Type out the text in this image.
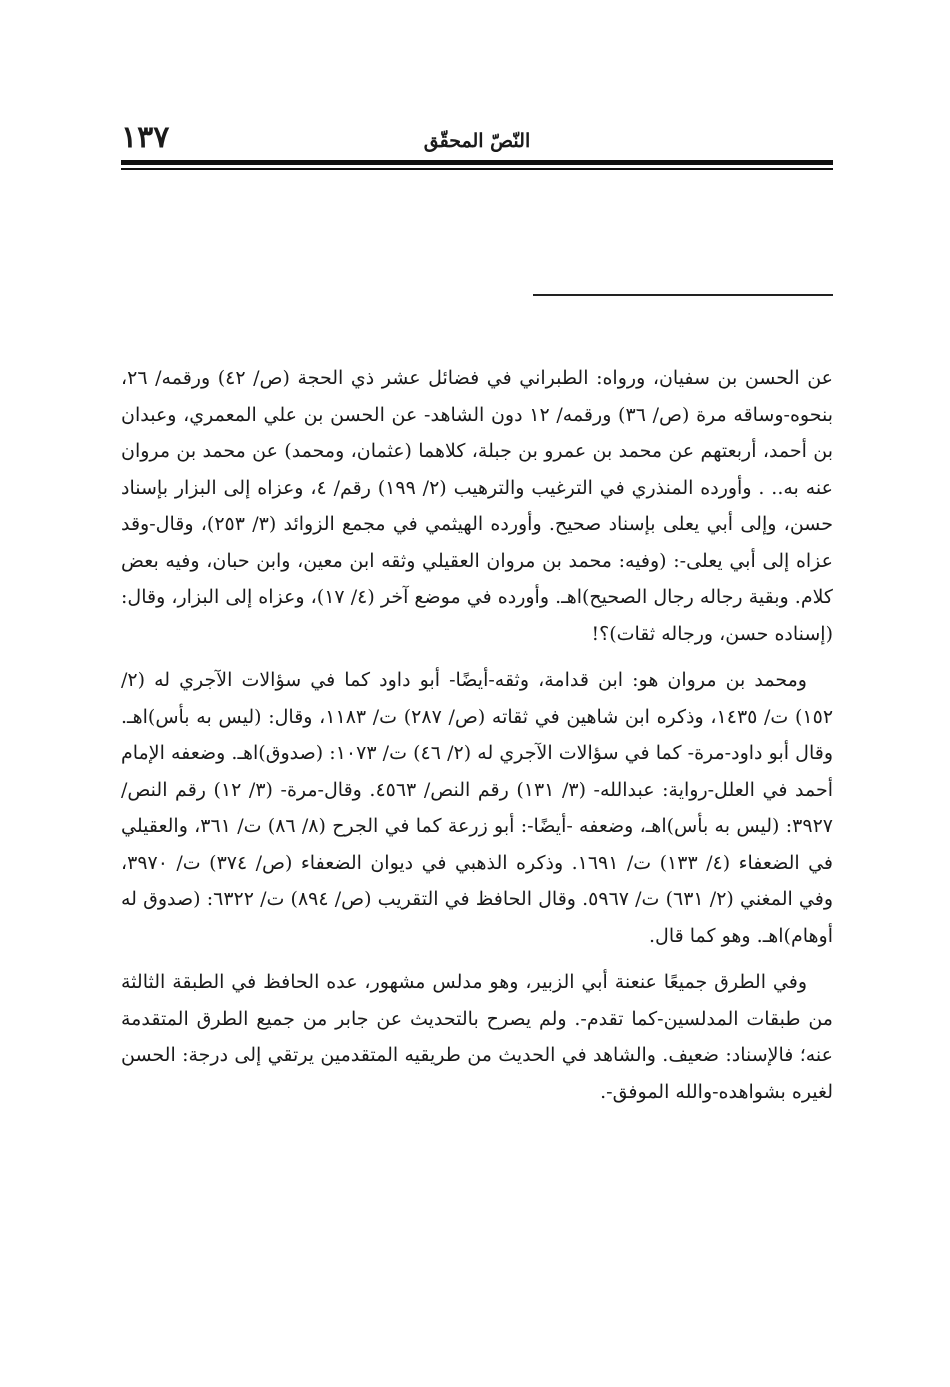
١٣٧	النّصّ المحقّق

عن الحسن بن سفيان، ورواه: الطبراني في فضائل عشر ذي الحجة (ص/ ٤٢) ورقمه/ ٢٦، بنحوه-وساقه مرة (ص/ ٣٦) ورقمه/ ١٢ دون الشاهد- عن الحسن بن علي المعمري، وعبدان بن أحمد، أربعتهم عن محمد بن عمرو بن جبلة، كلاهما (عثمان، ومحمد) عن محمد بن مروان عنه به.. . وأورده المنذري في الترغيب والترهيب (٢/ ١٩٩) رقم/ ٤، وعزاه إلى البزار بإسناد حسن، وإلى أبي يعلى بإسناد صحيح. وأورده الهيثمي في مجمع الزوائد (٣/ ٢٥٣)، وقال-وقد عزاه إلى أبي يعلى-: (وفيه: محمد بن مروان العقيلي وثقه ابن معين، وابن حبان، وفيه بعض كلام. وبقية رجاله رجال الصحيح)اهـ. وأورده في موضع آخر (٤/ ١٧)، وعزاه إلى البزار، وقال: (إسناده حسن، ورجاله ثقات)؟!

ومحمد بن مروان هو: ابن قدامة، وثقه-أيضًا- أبو داود كما في سؤالات الآجري له (٢/ ١٥٢) ت/ ١٤٣٥، وذكره ابن شاهين في ثقاته (ص/ ٢٨٧) ت/ ١١٨٣، وقال: (ليس به بأس)اهـ. وقال أبو داود-مرة- كما في سؤالات الآجري له (٢/ ٤٦) ت/ ١٠٧٣: (صدوق)اهـ. وضعفه الإمام أحمد في العلل-رواية: عبدالله- (٣/ ١٣١) رقم النص/ ٤٥٦٣. وقال-مرة- (٣/ ١٢) رقم النص/ ٣٩٢٧: (ليس به بأس)اهـ، وضعفه -أيضًا-: أبو زرعة كما في الجرح (٨/ ٨٦) ت/ ٣٦١، والعقيلي في الضعفاء (٤/ ١٣٣) ت/ ١٦٩١. وذكره الذهبي في ديوان الضعفاء (ص/ ٣٧٤) ت/ ٣٩٧٠، وفي المغني (٢/ ٦٣١) ت/ ٥٩٦٧. وقال الحافظ في التقريب (ص/ ٨٩٤) ت/ ٦٣٢٢: (صدوق له أوهام)اهـ. وهو كما قال.

وفي الطرق جميعًا عنعنة أبي الزبير، وهو مدلس مشهور، عده الحافظ في الطبقة الثالثة من طبقات المدلسين-كما تقدم-. ولم يصرح بالتحديث عن جابر من جميع الطرق المتقدمة عنه؛ فالإسناد: ضعيف. والشاهد في الحديث من طريقيه المتقدمين يرتقي إلى درجة: الحسن لغيره بشواهده-والله الموفق-.
